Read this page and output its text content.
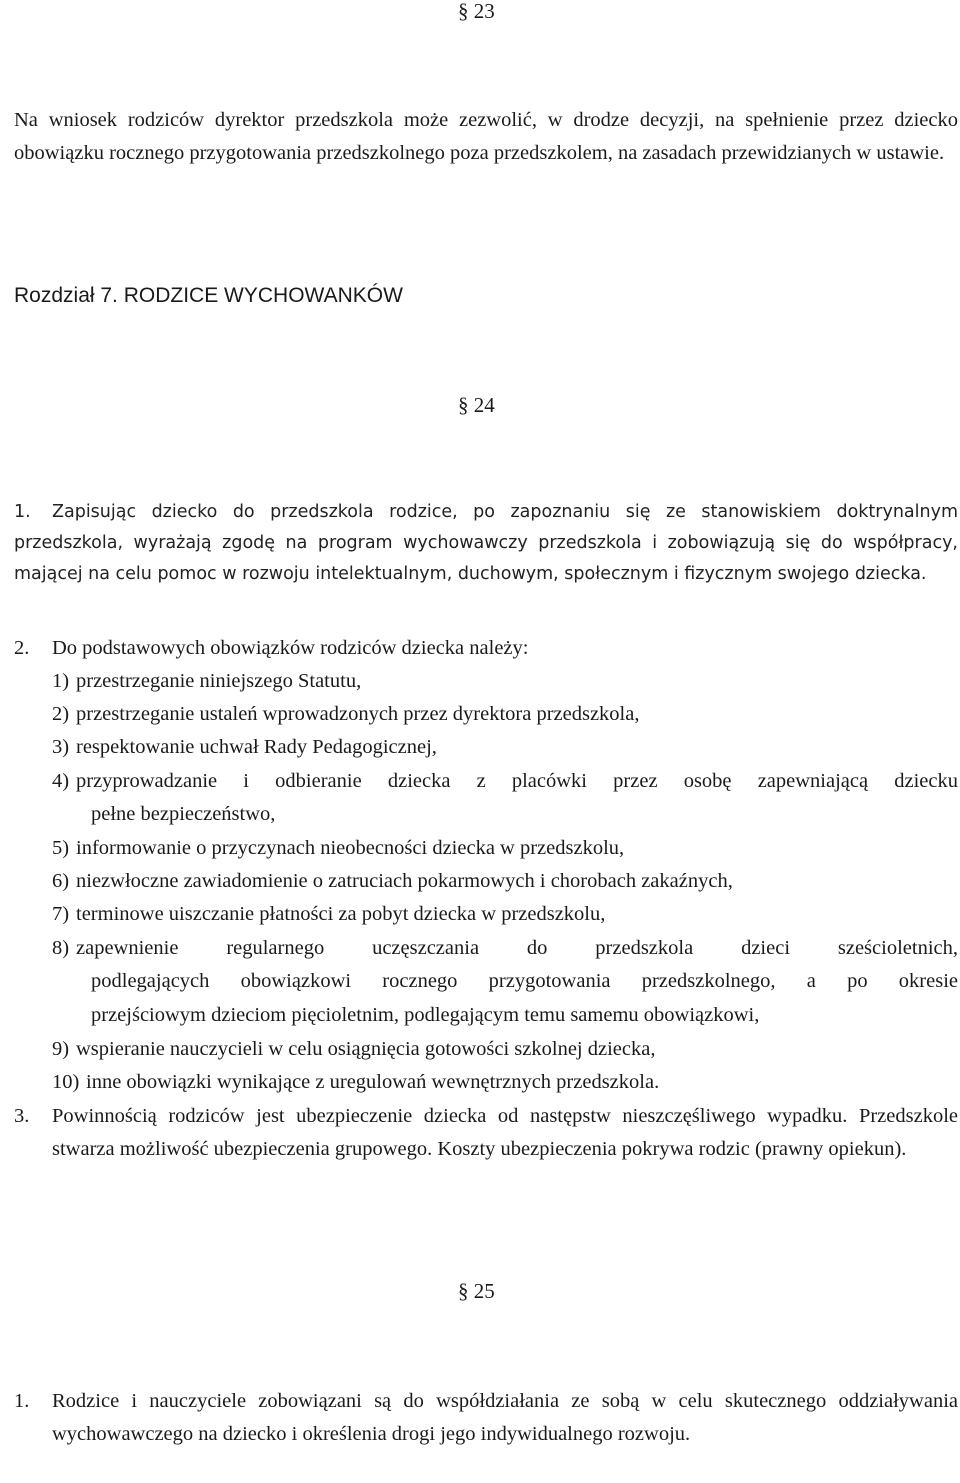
§ 23
Na wniosek rodziców dyrektor przedszkola może zezwolić, w drodze decyzji, na spełnienie przez dziecko obowiązku rocznego przygotowania przedszkolnego poza przedszkolem, na zasadach przewidzianych w ustawie.
Rozdział 7. RODZICE WYCHOWANKÓW
§ 24
1.	Zapisując dziecko do przedszkola rodzice, po zapoznaniu się ze stanowiskiem doktrynalnym przedszkola, wyrażają zgodę na program wychowawczy przedszkola i zobowiązują się do współpracy, mającej na celu pomoc w rozwoju intelektualnym, duchowym, społecznym i fizycznym swojego dziecka.
2.	Do podstawowych obowiązków rodziców dziecka należy:
1) przestrzeganie niniejszego Statutu,
2) przestrzeganie ustaleń wprowadzonych przez dyrektora przedszkola,
3) respektowanie uchwał Rady Pedagogicznej,
4) przyprowadzanie i odbieranie dziecka z placówki przez osobę zapewniającą dziecku
pełne bezpieczeństwo,
5) informowanie o przyczynach nieobecności dziecka w przedszkolu,
6) niezwłoczne zawiadomienie o zatruciach pokarmowych i chorobach zakaźnych,
7) terminowe uiszczanie płatności za pobyt dziecka w przedszkolu,
8) zapewnienie regularnego uczęszczania do przedszkola dzieci sześcioletnich,
podlegających obowiązkowi rocznego przygotowania przedszkolnego, a po okresie
przejściowym dzieciom pięcioletnim, podlegającym temu samemu obowiązkowi,
9) wspieranie nauczycieli w celu osiągnięcia gotowości szkolnej dziecka,
10) inne obowiązki wynikające z uregulowań wewnętrznych przedszkola.
3.	Powinnością rodziców jest ubezpieczenie dziecka od następstw nieszczęśliwego wypadku. Przedszkole stwarza możliwość ubezpieczenia grupowego. Koszty ubezpieczenia pokrywa rodzic (prawny opiekun).
§ 25
1.	Rodzice i nauczyciele zobowiązani są do współdziałania ze sobą w celu skutecznego oddziaływania wychowawczego na dziecko i określenia drogi jego indywidualnego rozwoju.
